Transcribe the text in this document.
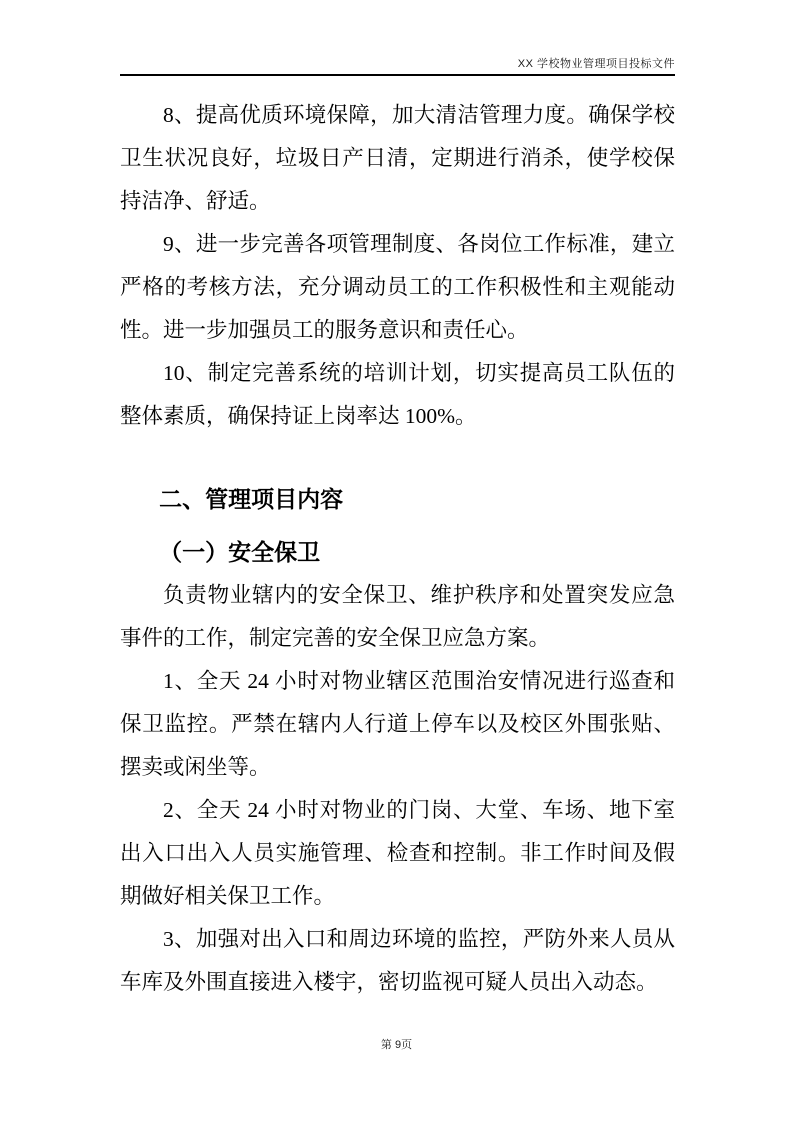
XX 学校物业管理项目投标文件

8、提高优质环境保障，加大清洁管理力度。确保学校卫生状况良好，垃圾日产日清，定期进行消杀，使学校保持洁净、舒适。

9、进一步完善各项管理制度、各岗位工作标准，建立严格的考核方法，充分调动员工的工作积极性和主观能动性。进一步加强员工的服务意识和责任心。

10、制定完善系统的培训计划，切实提高员工队伍的整体素质，确保持证上岗率达 100%。

二、管理项目内容

（一）安全保卫

负责物业辖内的安全保卫、维护秩序和处置突发应急事件的工作，制定完善的安全保卫应急方案。

1、全天 24 小时对物业辖区范围治安情况进行巡查和保卫监控。严禁在辖内人行道上停车以及校区外围张贴、摆卖或闲坐等。

2、全天 24 小时对物业的门岗、大堂、车场、地下室出入口出入人员实施管理、检查和控制。非工作时间及假期做好相关保卫工作。

3、加强对出入口和周边环境的监控，严防外来人员从车库及外围直接进入楼宇，密切监视可疑人员出入动态。

第 9页
